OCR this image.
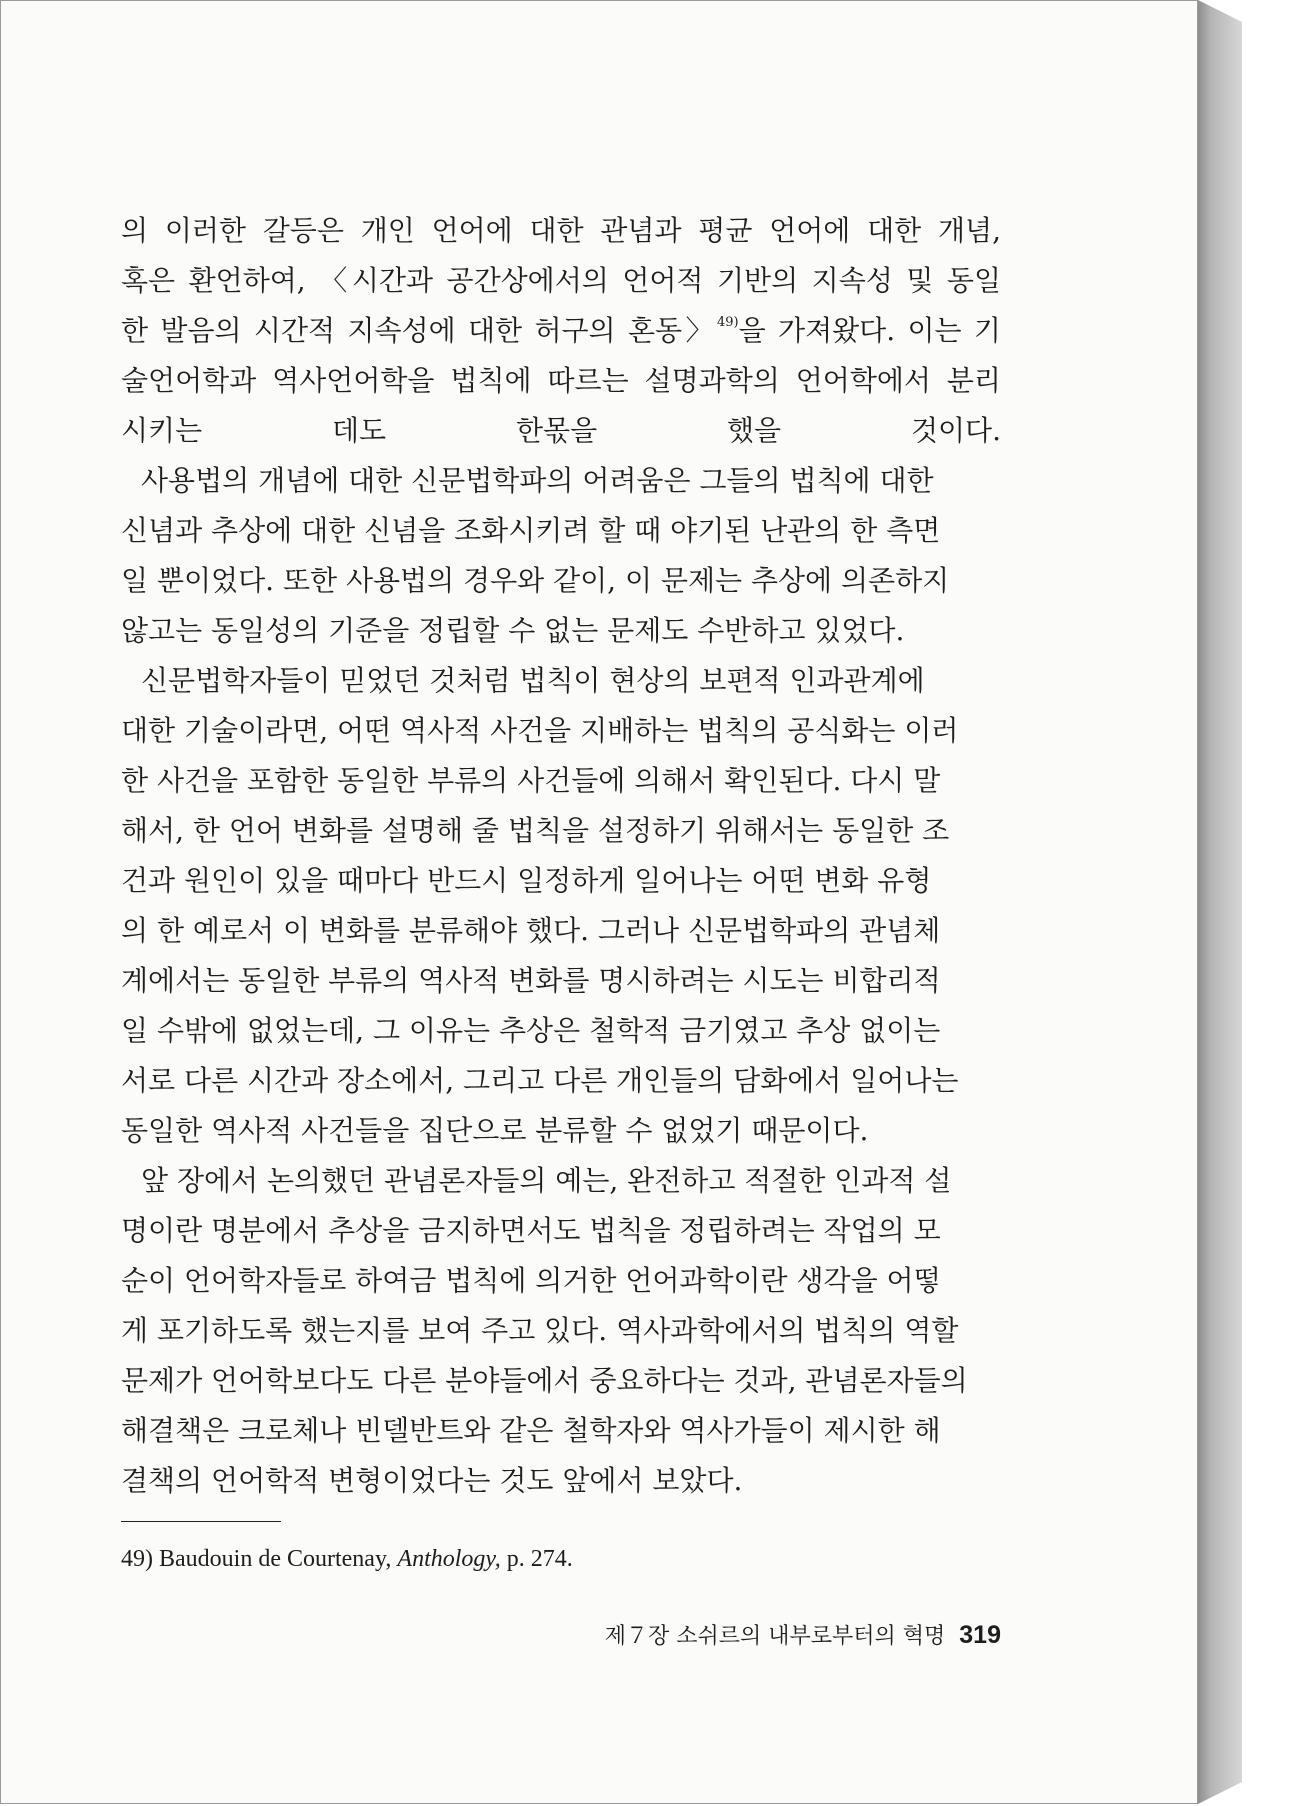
의 이러한 갈등은 개인 언어에 대한 관념과 평균 언어에 대한 개념,
혹은 환언하여, 〈시간과 공간상에서의 언어적 기반의 지속성 및 동일
한 발음의 시간적 지속성에 대한 허구의 혼동〉$^{49)}$을 가져왔다. 이는 기
술언어학과 역사언어학을 법칙에 따르는 설명과학의 언어학에서 분리
시키는 데도 한몫을 했을 것이다.

사용법의 개념에 대한 신문법학파의 어려움은 그들의 법칙에 대한
신념과 추상에 대한 신념을 조화시키려 할 때 야기된 난관의 한 측면
일 뿐이었다. 또한 사용법의 경우와 같이, 이 문제는 추상에 의존하지
않고는 동일성의 기준을 정립할 수 없는 문제도 수반하고 있었다.

신문법학자들이 믿었던 것처럼 법칙이 현상의 보편적 인과관계에
대한 기술이라면, 어떤 역사적 사건을 지배하는 법칙의 공식화는 이러
한 사건을 포함한 동일한 부류의 사건들에 의해서 확인된다. 다시 말
해서, 한 언어 변화를 설명해 줄 법칙을 설정하기 위해서는 동일한 조
건과 원인이 있을 때마다 반드시 일정하게 일어나는 어떤 변화 유형
의 한 예로서 이 변화를 분류해야 했다. 그러나 신문법학파의 관념체
계에서는 동일한 부류의 역사적 변화를 명시하려는 시도는 비합리적
일 수밖에 없었는데, 그 이유는 추상은 철학적 금기였고 추상 없이는
서로 다른 시간과 장소에서, 그리고 다른 개인들의 담화에서 일어나는
동일한 역사적 사건들을 집단으로 분류할 수 없었기 때문이다.

앞 장에서 논의했던 관념론자들의 예는, 완전하고 적절한 인과적 설
명이란 명분에서 추상을 금지하면서도 법칙을 정립하려는 작업의 모
순이 언어학자들로 하여금 법칙에 의거한 언어과학이란 생각을 어떻
게 포기하도록 했는지를 보여 주고 있다. 역사과학에서의 법칙의 역할
문제가 언어학보다도 다른 분야들에서 중요하다는 것과, 관념론자들의
해결책은 크로체나 빈델반트와 같은 철학자와 역사가들이 제시한 해
결책의 언어학적 변형이었다는 것도 앞에서 보았다.

49) Baudouin de Courtenay, Anthology, p. 274.
제７장 소쉬르의 내부로부터의 혁명 319
